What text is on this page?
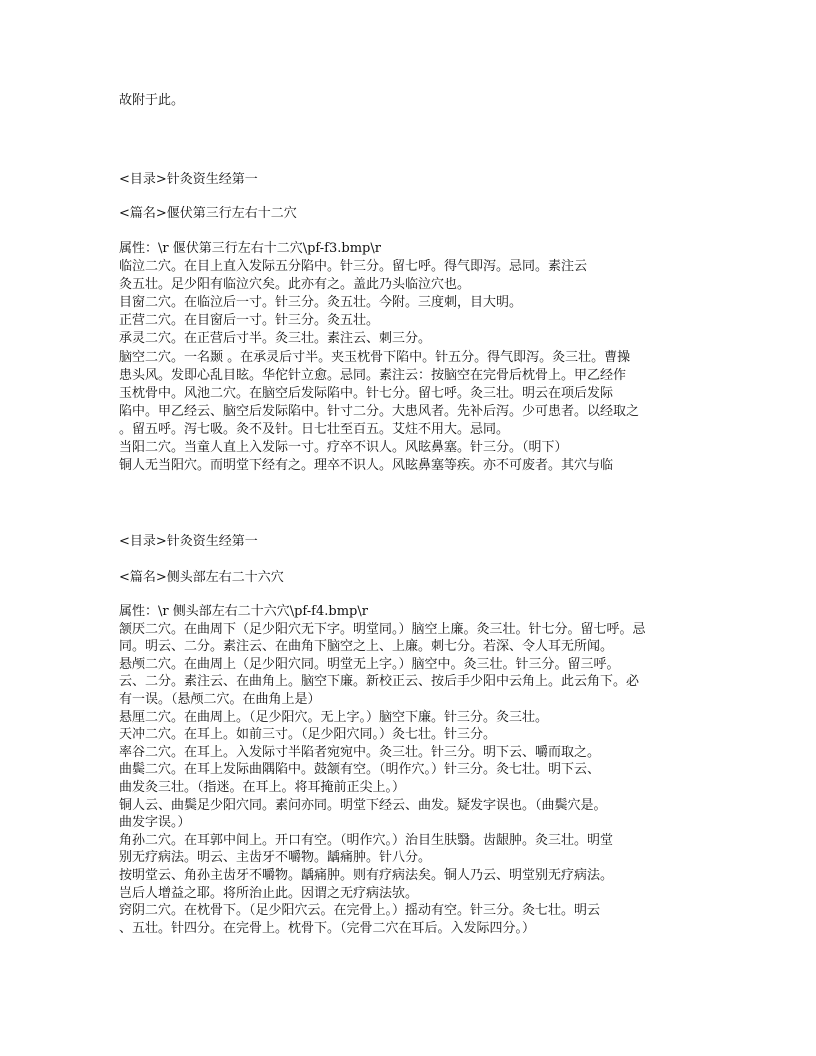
故附于此。
<目录>针灸资生经第一
<篇名>偃伏第三行左右十二穴
属性：\r 偃伏第三行左右十二穴\pf-f3.bmp\r
临泣二穴。在目上直入发际五分陷中。针三分。留七呼。得气即泻。忌同。素注云
灸五壮。足少阳有临泣穴矣。此亦有之。盖此乃头临泣穴也。
目窗二穴。在临泣后一寸。针三分。灸五壮。今附。三度刺，目大明。
正营二穴。在目窗后一寸。针三分。灸五壮。
承灵二穴。在正营后寸半。灸三壮。素注云、刺三分。
脑空二穴。一名颞 。在承灵后寸半。夹玉枕骨下陷中。针五分。得气即泻。灸三壮。曹操
患头风。发即心乱目眩。华佗针立愈。忌同。素注云：按脑空在完骨后枕骨上。甲乙经作
玉枕骨中。风池二穴。在脑空后发际陷中。针七分。留七呼。灸三壮。明云在项后发际
陷中。甲乙经云、脑空后发际陷中。针寸二分。大患风者。先补后泻。少可患者。以经取之
。留五呼。泻七吸。灸不及针。日七壮至百五。艾炷不用大。忌同。
当阳二穴。当童人直上入发际一寸。疗卒不识人。风眩鼻塞。针三分。（明下）
铜人无当阳穴。而明堂下经有之。理卒不识人。风眩鼻塞等疾。亦不可废者。其穴与临
<目录>针灸资生经第一
<篇名>侧头部左右二十六穴
属性：\r 侧头部左右二十六穴\pf-f4.bmp\r
颔厌二穴。在曲周下（足少阳穴无下字。明堂同。）脑空上廉。灸三壮。针七分。留七呼。忌
同。明云、二分。素注云、在曲角下脑空之上、上廉。刺七分。若深、令人耳无所闻。
悬颅二穴。在曲周上（足少阳穴同。明堂无上字。）脑空中。灸三壮。针三分。留三呼。
云、二分。素注云、在曲角上。脑空下廉。新校正云、按后手少阳中云角上。此云角下。必
有一误。（悬颅二穴。在曲角上是）
悬厘二穴。在曲周上。（足少阳穴。无上字。）脑空下廉。针三分。灸三壮。
天冲二穴。在耳上。如前三寸。（足少阳穴同。）灸七壮。针三分。
率谷二穴。在耳上。入发际寸半陷者宛宛中。灸三壮。针三分。明下云、嚼而取之。
曲鬓二穴。在耳上发际曲隅陷中。鼓颔有空。（明作穴。）针三分。灸七壮。明下云、
曲发灸三壮。（指迷。在耳上。将耳掩前正尖上。）
铜人云、曲鬓足少阳穴同。素问亦同。明堂下经云、曲发。疑发字误也。（曲鬓穴是。
曲发字误。）
角孙二穴。在耳郭中间上。开口有空。（明作穴。）治目生肤翳。齿龈肿。灸三壮。明堂
别无疗病法。明云、主齿牙不嚼物。龋痛肿。针八分。
按明堂云、角孙主齿牙不嚼物。龋痛肿。则有疗病法矣。铜人乃云、明堂别无疗病法。
岂后人增益之耶。将所治止此。因谓之无疗病法欤。
窍阴二穴。在枕骨下。（足少阳穴云。在完骨上。）摇动有空。针三分。灸七壮。明云
、五壮。针四分。在完骨上。枕骨下。（完骨二穴在耳后。入发际四分。）
